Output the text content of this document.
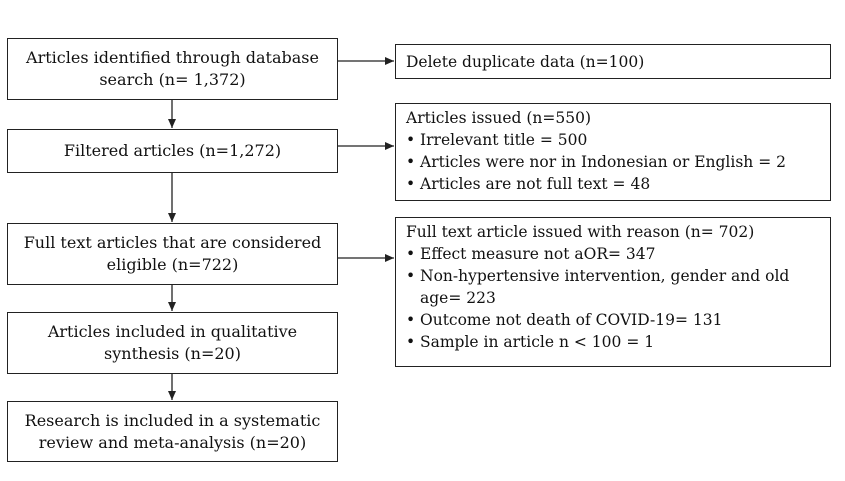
Articles identified through database
search (n= 1,372)
Filtered articles (n=1,272)
Full text articles that are considered
eligible (n=722)
Articles included in qualitative
synthesis (n=20)
Research is included in a systematic
review and meta-analysis (n=20)
Delete duplicate data (n=100)
Articles issued (n=550)
• Irrelevant title = 500
• Articles were nor in Indonesian or English = 2
• Articles are not full text = 48
Full text article issued with reason (n= 702)
• Effect measure not aOR= 347
• Non-hypertensive intervention, gender and old age= 223
• Outcome not death of COVID-19= 131
• Sample in article n < 100 = 1
